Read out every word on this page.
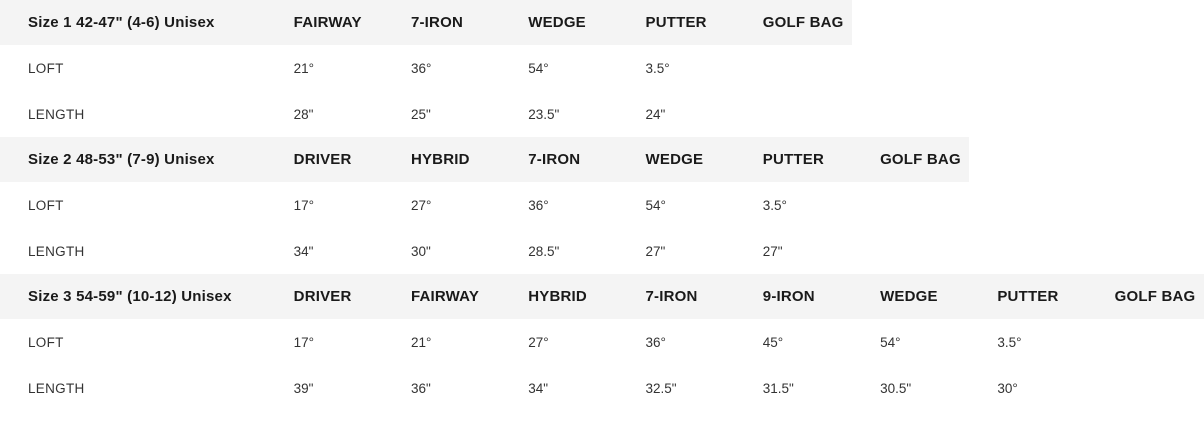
Size 1 42-47" (4-6) Unisex	FAIRWAY	7-IRON	WEDGE	PUTTER	GOLF BAG			
LOFT	21°	36°	54°	3.5°				
LENGTH	28"	25"	23.5"	24"				
Size 2 48-53" (7-9) Unisex	DRIVER	HYBRID	7-IRON	WEDGE	PUTTER	GOLF BAG		
LOFT	17°	27°	36°	54°	3.5°			
LENGTH	34"	30"	28.5"	27"	27"			
Size 3 54-59" (10-12) Unisex	DRIVER	FAIRWAY	HYBRID	7-IRON	9-IRON	WEDGE	PUTTER	GOLF BAG
LOFT	17°	21°	27°	36°	45°	54°	3.5°	
LENGTH	39"	36"	34"	32.5"	31.5"	30.5"	30°	
